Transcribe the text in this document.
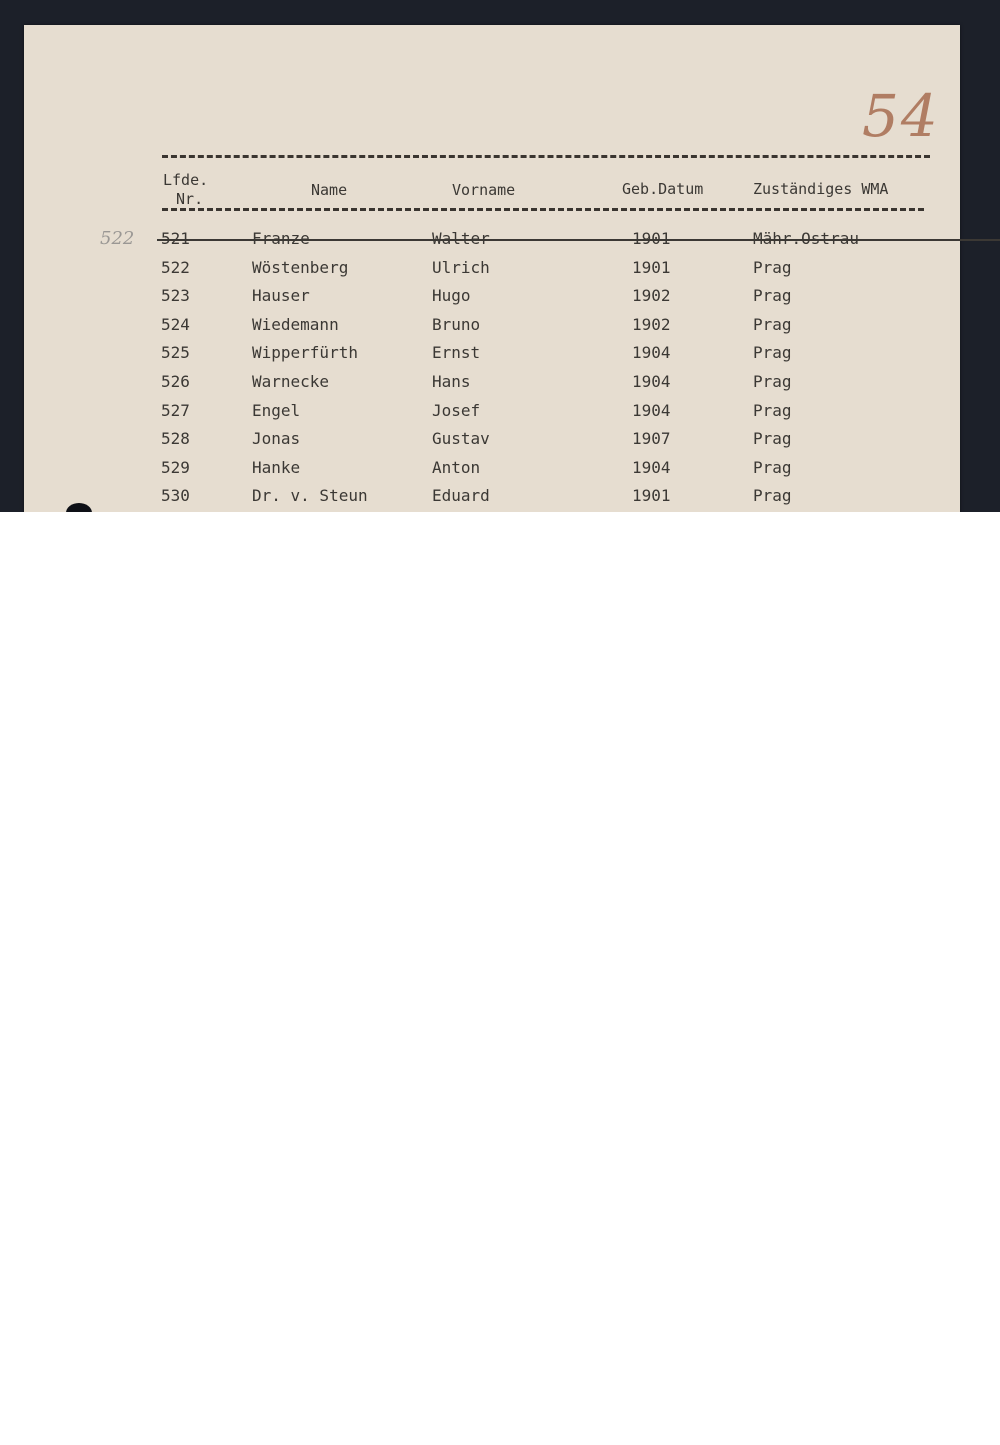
54
Lfde.
Nr.	Name	Vorname	Geb.Datum	Zuständiges WMA
522 521	Franze	Walter	1901	Mähr.Ostrau
522	Wöstenberg	Ulrich	1901	Prag
523	Hauser	Hugo	1902	Prag
524	Wiedemann	Bruno	1902	Prag
525	Wipperfürth	Ernst	1904	Prag
526	Warnecke	Hans	1904	Prag
527	Engel	Josef	1904	Prag
528	Jonas	Gustav	1907	Prag
529	Hanke	Anton	1904	Prag
530	Dr. v. Steun	Eduard	1901	Prag
